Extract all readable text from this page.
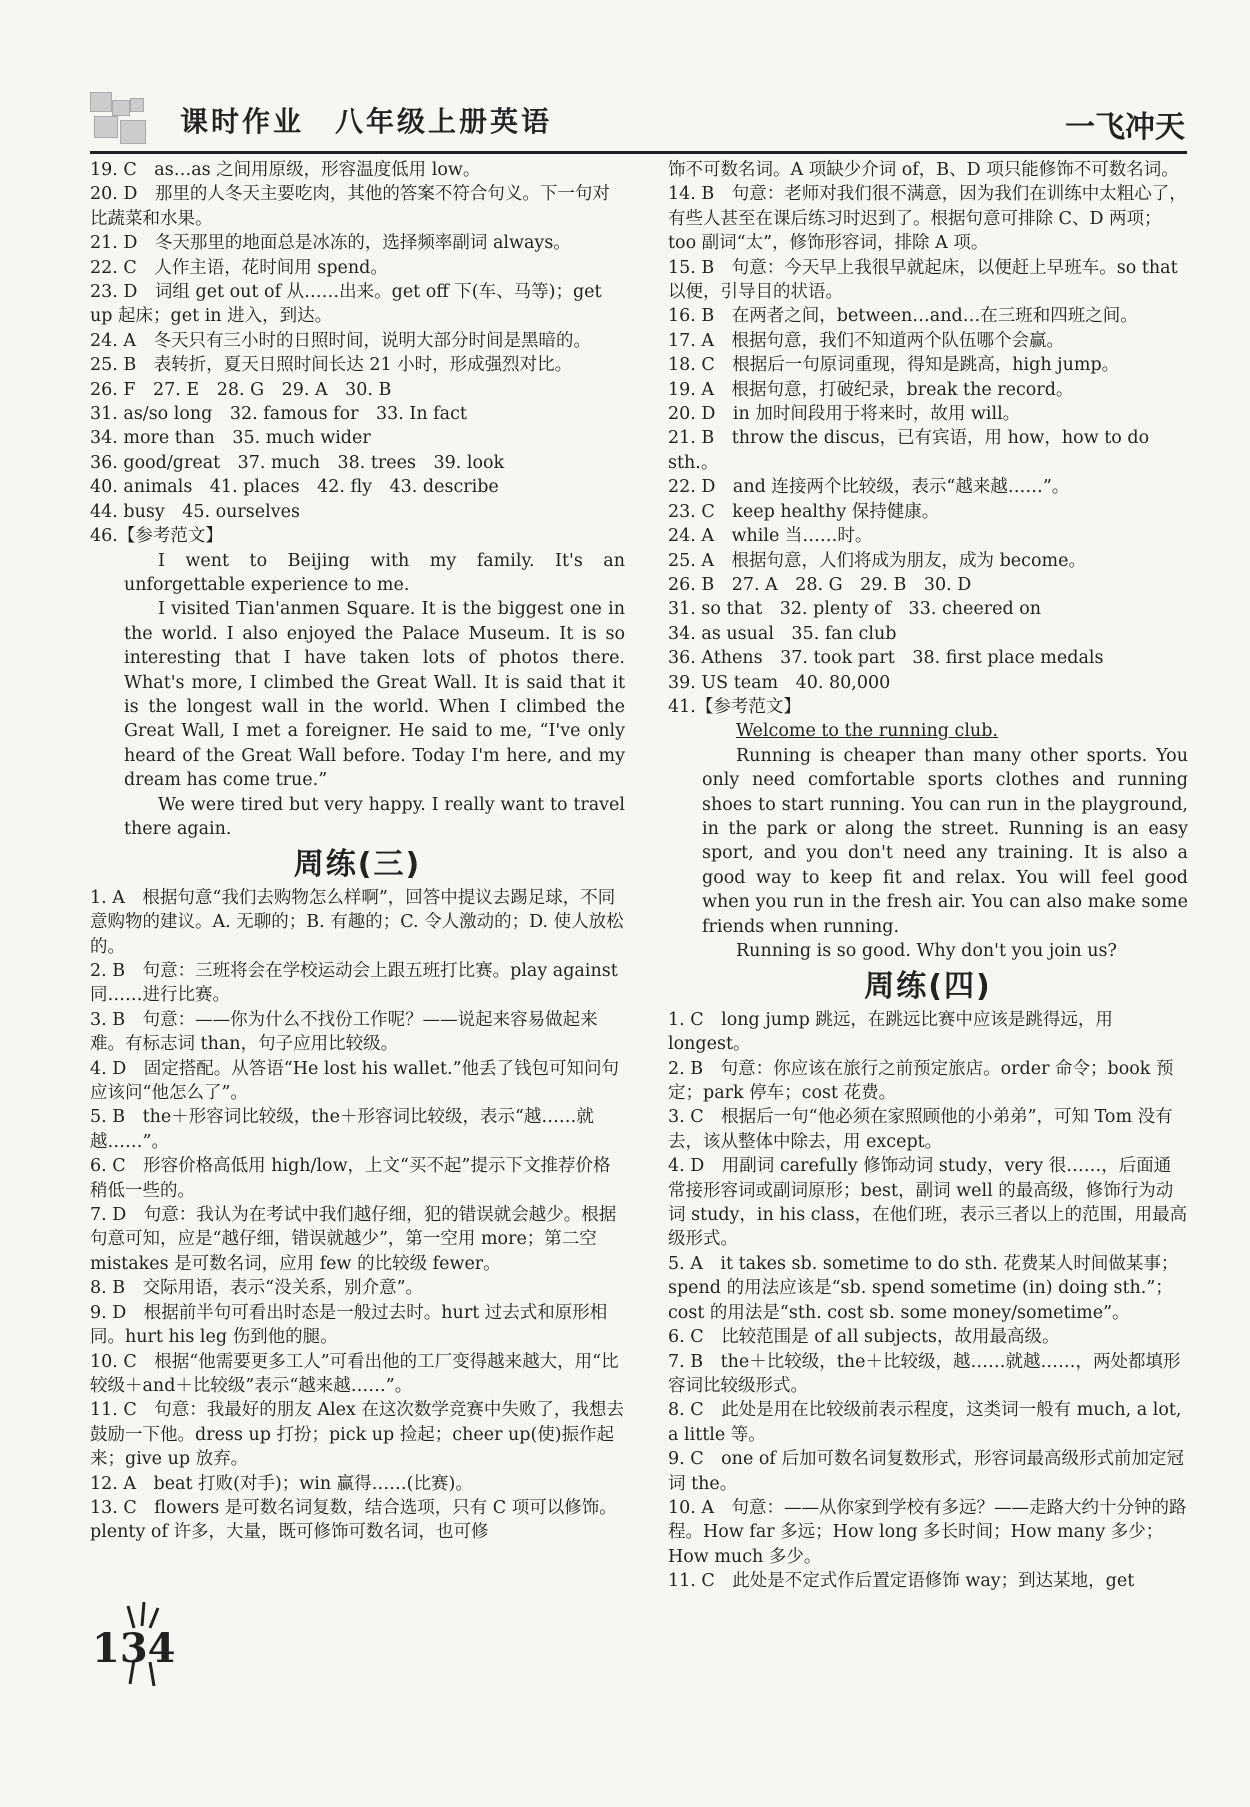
课时作业　八年级上册英语	一飞冲天

19. C　as…as 之间用原级，形容温度低用 low。

20. D　那里的人冬天主要吃肉，其他的答案不符合句义。下一句对比蔬菜和水果。

21. D　冬天那里的地面总是冰冻的，选择频率副词 always。

22. C　人作主语，花时间用 spend。

23. D　词组 get out of 从……出来。get off 下(车、马等)；get up 起床；get in 进入，到达。

24. A　冬天只有三小时的日照时间，说明大部分时间是黑暗的。

25. B　表转折，夏天日照时间长达 21 小时，形成强烈对比。

26. F　27. E　28. G　29. A　30. B

31. as/so long　32. famous for　33. In fact

34. more than　35. much wider

36. good/great　37. much　38. trees　39. look

40. animals　41. places　42. fly　43. describe

44. busy　45. ourselves

46.【参考范文】

I went to Beijing with my family. It's an unforgettable experience to me.

I visited Tian'anmen Square. It is the biggest one in the world. I also enjoyed the Palace Museum. It is so interesting that I have taken lots of photos there. What's more, I climbed the Great Wall. It is said that it is the longest wall in the world. When I climbed the Great Wall, I met a foreigner. He said to me, “I've only heard of the Great Wall before. Today I'm here, and my dream has come true.”

We were tired but very happy. I really want to travel there again.

周练(三)

1. A　根据句意“我们去购物怎么样啊”，回答中提议去踢足球，不同意购物的建议。A. 无聊的；B. 有趣的；C. 令人激动的；D. 使人放松的。

2. B　句意：三班将会在学校运动会上跟五班打比赛。play against 同……进行比赛。

3. B　句意：——你为什么不找份工作呢？——说起来容易做起来难。有标志词 than，句子应用比较级。

4. D　固定搭配。从答语“He lost his wallet.”他丢了钱包可知问句应该问“他怎么了”。

5. B　the＋形容词比较级，the＋形容词比较级，表示“越……就越……”。

6. C　形容价格高低用 high/low，上文“买不起”提示下文推荐价格稍低一些的。

7. D　句意：我认为在考试中我们越仔细，犯的错误就会越少。根据句意可知，应是“越仔细，错误就越少”，第一空用 more；第二空 mistakes 是可数名词，应用 few 的比较级 fewer。

8. B　交际用语，表示“没关系，别介意”。

9. D　根据前半句可看出时态是一般过去时。hurt 过去式和原形相同。hurt his leg 伤到他的腿。

10. C　根据“他需要更多工人”可看出他的工厂变得越来越大，用“比较级＋and＋比较级”表示“越来越……”。

11. C　句意：我最好的朋友 Alex 在这次数学竞赛中失败了，我想去鼓励一下他。dress up 打扮；pick up 捡起；cheer up(使)振作起来；give up 放弃。

12. A　beat 打败(对手)；win 赢得……(比赛)。

13. C　flowers 是可数名词复数，结合选项，只有 C 项可以修饰。plenty of 许多，大量，既可修饰可数名词，也可修

饰不可数名词。A 项缺少介词 of，B、D 项只能修饰不可数名词。

14. B　句意：老师对我们很不满意，因为我们在训练中太粗心了，有些人甚至在课后练习时迟到了。根据句意可排除 C、D 两项；too 副词“太”，修饰形容词，排除 A 项。

15. B　句意：今天早上我很早就起床，以便赶上早班车。so that 以便，引导目的状语。

16. B　在两者之间，between…and…在三班和四班之间。

17. A　根据句意，我们不知道两个队伍哪个会赢。

18. C　根据后一句原词重现，得知是跳高，high jump。

19. A　根据句意，打破纪录，break the record。

20. D　in 加时间段用于将来时，故用 will。

21. B　throw the discus，已有宾语，用 how，how to do sth.。

22. D　and 连接两个比较级，表示“越来越……”。

23. C　keep healthy 保持健康。

24. A　while 当……时。

25. A　根据句意，人们将成为朋友，成为 become。

26. B　27. A　28. G　29. B　30. D

31. so that　32. plenty of　33. cheered on

34. as usual　35. fan club

36. Athens　37. took part　38. first place medals

39. US team　40. 80,000

41.【参考范文】

Welcome to the running club.

Running is cheaper than many other sports. You only need comfortable sports clothes and running shoes to start running. You can run in the playground, in the park or along the street. Running is an easy sport, and you don't need any training. It is also a good way to keep fit and relax. You will feel good when you run in the fresh air. You can also make some friends when running.

Running is so good. Why don't you join us?

周练(四)

1. C　long jump 跳远，在跳远比赛中应该是跳得远，用 longest。

2. B　句意：你应该在旅行之前预定旅店。order 命令；book 预定；park 停车；cost 花费。

3. C　根据后一句“他必须在家照顾他的小弟弟”，可知 Tom 没有去，该从整体中除去，用 except。

4. D　用副词 carefully 修饰动词 study，very 很……，后面通常接形容词或副词原形；best，副词 well 的最高级，修饰行为动词 study，in his class，在他们班，表示三者以上的范围，用最高级形式。

5. A　it takes sb. sometime to do sth. 花费某人时间做某事；spend 的用法应该是“sb. spend sometime (in) doing sth.”；cost 的用法是“sth. cost sb. some money/sometime”。

6. C　比较范围是 of all subjects，故用最高级。

7. B　the＋比较级，the＋比较级，越……就越……，两处都填形容词比较级形式。

8. C　此处是用在比较级前表示程度，这类词一般有 much, a lot, a little 等。

9. C　one of 后加可数名词复数形式，形容词最高级形式前加定冠词 the。

10. A　句意：——从你家到学校有多远？——走路大约十分钟的路程。How far 多远；How long 多长时间；How many 多少；How much 多少。

11. C　此处是不定式作后置定语修饰 way；到达某地，get

134
